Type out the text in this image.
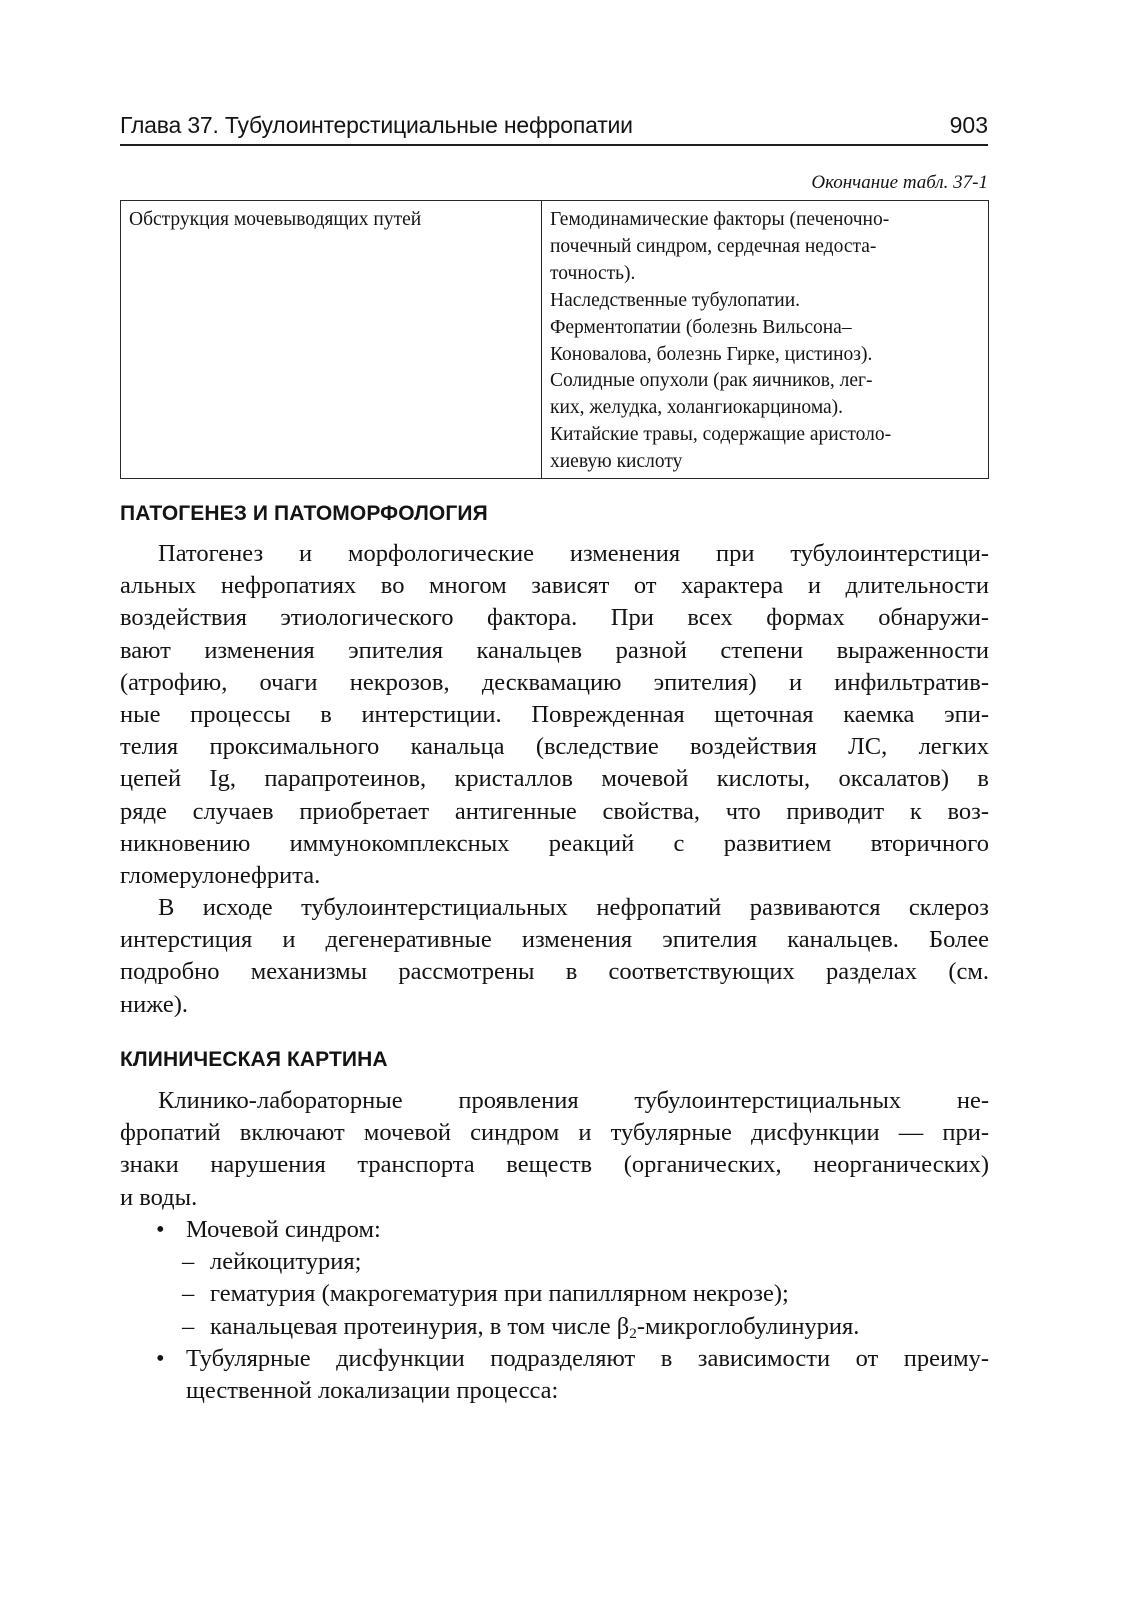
Глава 37. Тубулоинтерстициальные нефропатии	903
Окончание табл. 37-1
Обструкция мочевыводящих путей	Гемодинамические факторы (печеночно-
почечный синдром, сердечная недоста-
точность).
Наследственные тубулопатии.
Ферментопатии (болезнь Вильсона–
Коновалова, болезнь Гирке, цистиноз).
Солидные опухоли (рак яичников, лег-
ких, желудка, холангиокарцинома).
Китайские травы, содержащие аристоло-
хиевую кислоту
ПАТОГЕНЕЗ И ПАТОМОРФОЛОГИЯ
Патогенез и морфологические изменения при тубулоинтерстици-
альных нефропатиях во многом зависят от характера и длительности
воздействия этиологического фактора. При всех формах обнаружи-
вают изменения эпителия канальцев разной степени выраженности
(атрофию, очаги некрозов, десквамацию эпителия) и инфильтратив-
ные процессы в интерстиции. Поврежденная щеточная каемка эпи-
телия проксимального канальца (вследствие воздействия ЛС, легких
цепей Ig, парапротеинов, кристаллов мочевой кислоты, оксалатов) в
ряде случаев приобретает антигенные свойства, что приводит к воз-
никновению иммунокомплексных реакций с развитием вторичного
гломерулонефрита.
В исходе тубулоинтерстициальных нефропатий развиваются склероз
интерстиция и дегенеративные изменения эпителия канальцев. Более
подробно механизмы рассмотрены в соответствующих разделах (см.
ниже).
КЛИНИЧЕСКАЯ КАРТИНА
Клинико-лабораторные проявления тубулоинтерстициальных не-
фропатий включают мочевой синдром и тубулярные дисфункции — при-
знаки нарушения транспорта веществ (органических, неорганических)
и воды.
• Мочевой синдром:
– лейкоцитурия;
– гематурия (макрогематурия при папиллярном некрозе);
– канальцевая протеинурия, в том числе $\beta_2$-микроглобулинурия.
• Тубулярные дисфункции подразделяют в зависимости от преиму-
щественной локализации процесса:
